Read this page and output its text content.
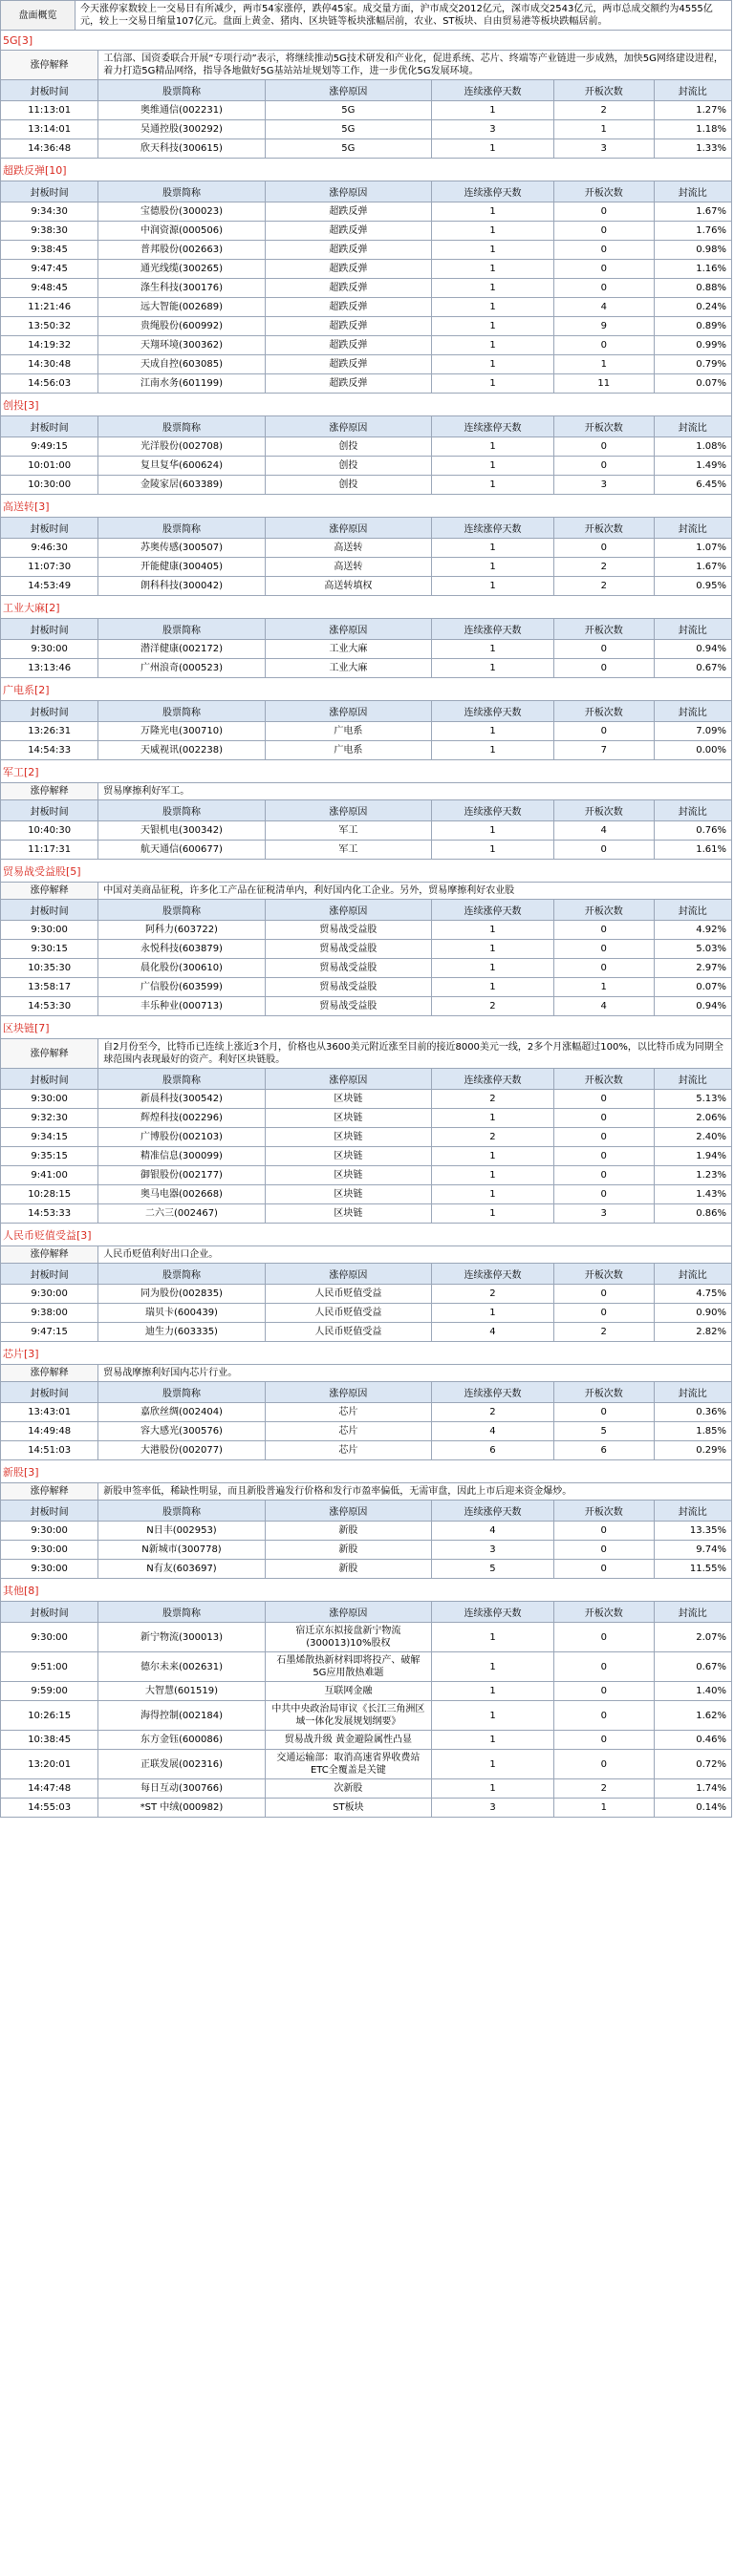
盘面概览	今天涨停家数较上一交易日有所减少，两市54家涨停，跌停45家。成交量方面，沪市成交2012亿元，深市成交2543亿元，两市总成交额约为4555亿元，较上一交易日缩量107亿元。盘面上黄金、猪肉、区块链等板块涨幅居前，农业、ST板块、自由贸易港等板块跌幅居前。
5G[3]
涨停解释	工信部、国资委联合开展“专项行动”表示，将继续推动5G技术研发和产业化，促进系统、芯片、终端等产业链进一步成熟，加快5G网络建设进程，着力打造5G精品网络，指导各地做好5G基站站址规划等工作，进一步优化5G发展环境。				
封板时间	股票简称	涨停原因	连续涨停天数	开板次数	封流比
11:13:01	奥维通信(002231)	5G	1	2	1.27%
13:14:01	吴通控股(300292)	5G	3	1	1.18%
14:36:48	欣天科技(300615)	5G	1	3	1.33%
超跌反弹[10]
封板时间	股票简称	涨停原因	连续涨停天数	开板次数	封流比
9:34:30	宝德股份(300023)	超跌反弹	1	0	1.67%
9:38:30	中润资源(000506)	超跌反弹	1	0	1.76%
9:38:45	普邦股份(002663)	超跌反弹	1	0	0.98%
9:47:45	通光线缆(300265)	超跌反弹	1	0	1.16%
9:48:45	涤生科技(300176)	超跌反弹	1	0	0.88%
11:21:46	远大智能(002689)	超跌反弹	1	4	0.24%
13:50:32	贵绳股份(600992)	超跌反弹	1	9	0.89%
14:19:32	天翔环境(300362)	超跌反弹	1	0	0.99%
14:30:48	天成自控(603085)	超跌反弹	1	1	0.79%
14:56:03	江南水务(601199)	超跌反弹	1	11	0.07%
创投[3]
封板时间	股票简称	涨停原因	连续涨停天数	开板次数	封流比
9:49:15	光洋股份(002708)	创投	1	0	1.08%
10:01:00	复旦复华(600624)	创投	1	0	1.49%
10:30:00	金陵家居(603389)	创投	1	3	6.45%
高送转[3]
封板时间	股票简称	涨停原因	连续涨停天数	开板次数	封流比
9:46:30	苏奥传感(300507)	高送转	1	0	1.07%
11:07:30	开能健康(300405)	高送转	1	2	1.67%
14:53:49	朗科科技(300042)	高送转填权	1	2	0.95%
工业大麻[2]
封板时间	股票简称	涨停原因	连续涨停天数	开板次数	封流比
9:30:00	潜洋健康(002172)	工业大麻	1	0	0.94%
13:13:46	广州浪奇(000523)	工业大麻	1	0	0.67%
广电系[2]
封板时间	股票简称	涨停原因	连续涨停天数	开板次数	封流比
13:26:31	万隆光电(300710)	广电系	1	0	7.09%
14:54:33	天威视讯(002238)	广电系	1	7	0.00%
军工[2]
涨停解释	贸易摩擦利好军工。				
封板时间	股票简称	涨停原因	连续涨停天数	开板次数	封流比
10:40:30	天银机电(300342)	军工	1	4	0.76%
11:17:31	航天通信(600677)	军工	1	0	1.61%
贸易战受益股[5]
涨停解释	中国对美商品征税，许多化工产品在征税清单内，利好国内化工企业。另外，贸易摩擦利好农业股				
封板时间	股票简称	涨停原因	连续涨停天数	开板次数	封流比
9:30:00	阿科力(603722)	贸易战受益股	1	0	4.92%
9:30:15	永悦科技(603879)	贸易战受益股	1	0	5.03%
10:35:30	晨化股份(300610)	贸易战受益股	1	0	2.97%
13:58:17	广信股份(603599)	贸易战受益股	1	1	0.07%
14:53:30	丰乐种业(000713)	贸易战受益股	2	4	0.94%
区块链[7]
涨停解释	自2月份至今，比特币已连续上涨近3个月，价格也从3600美元附近涨至目前的接近8000美元一线，2多个月涨幅超过100%，以比特币成为同期全球范围内表现最好的资产。利好区块链股。				
封板时间	股票简称	涨停原因	连续涨停天数	开板次数	封流比
9:30:00	新晨科技(300542)	区块链	2	0	5.13%
9:32:30	辉煌科技(002296)	区块链	1	0	2.06%
9:34:15	广博股份(002103)	区块链	2	0	2.40%
9:35:15	精准信息(300099)	区块链	1	0	1.94%
9:41:00	御银股份(002177)	区块链	1	0	1.23%
10:28:15	奥马电器(002668)	区块链	1	0	1.43%
14:53:33	二六三(002467)	区块链	1	3	0.86%
人民币贬值受益[3]
涨停解释	人民币贬值利好出口企业。				
封板时间	股票简称	涨停原因	连续涨停天数	开板次数	封流比
9:30:00	同为股份(002835)	人民币贬值受益	2	0	4.75%
9:38:00	瑞贝卡(600439)	人民币贬值受益	1	0	0.90%
9:47:15	迪生力(603335)	人民币贬值受益	4	2	2.82%
芯片[3]
涨停解释	贸易战摩擦利好国内芯片行业。				
封板时间	股票简称	涨停原因	连续涨停天数	开板次数	封流比
13:43:01	嘉欣丝绸(002404)	芯片	2	0	0.36%
14:49:48	容大感光(300576)	芯片	4	5	1.85%
14:51:03	大港股份(002077)	芯片	6	6	0.29%
新股[3]
涨停解释	新股申签率低，稀缺性明显，而且新股普遍发行价格和发行市盈率偏低，无需审盘，因此上市后迎来资金爆炒。				
封板时间	股票简称	涨停原因	连续涨停天数	开板次数	封流比
9:30:00	N日丰(002953)	新股	4	0	13.35%
9:30:00	N新城市(300778)	新股	3	0	9.74%
9:30:00	N有友(603697)	新股	5	0	11.55%
其他[8]
封板时间	股票简称	涨停原因	连续涨停天数	开板次数	封流比
9:30:00	新宁物流(300013)	宿迁京东拟接盘新宁物流(300013)10%股权	1	0	2.07%
9:51:00	德尔未来(002631)	石墨烯散热新材料即将投产、破解5G应用散热难题	1	0	0.67%
9:59:00	大智慧(601519)	互联网金融	1	0	1.40%
10:26:15	海得控制(002184)	中共中央政治局审议《长江三角洲区域一体化发展规划纲要》	1	0	1.62%
10:38:45	东方金钰(600086)	贸易战升级 黄金避险属性凸显	1	0	0.46%
13:20:01	正联发展(002316)	交通运输部：取消高速省界收费站 ETC全覆盖是关键	1	0	0.72%
14:47:48	每日互动(300766)	次新股	1	2	1.74%
14:55:03	*ST 中绒(000982)	ST板块	3	1	0.14%
